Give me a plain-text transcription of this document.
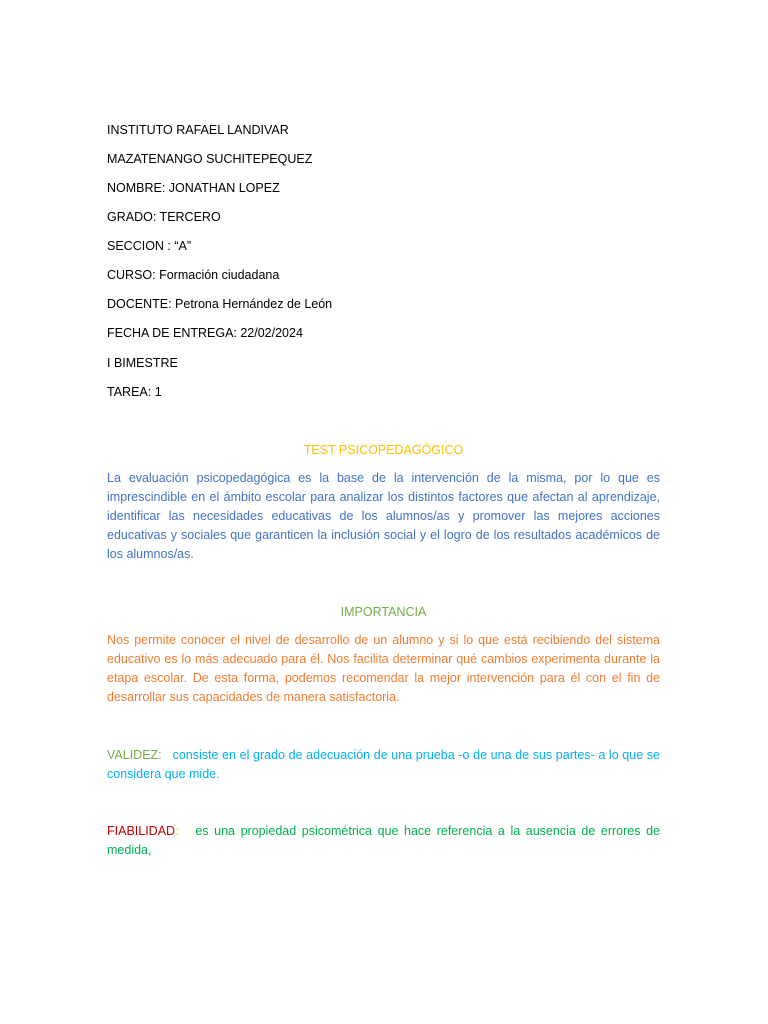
INSTITUTO RAFAEL LANDIVAR
MAZATENANGO SUCHITEPEQUEZ
NOMBRE: JONATHAN LOPEZ
GRADO: TERCERO
SECCION : “A”
CURSO: Formación ciudadana
DOCENTE: Petrona Hernández de León
FECHA DE ENTREGA: 22/02/2024
I BIMESTRE
TAREA: 1
TEST PSICOPEDAGÓGICO

La evaluación psicopedagógica es la base de la intervención de la misma, por lo que es imprescindible en el ámbito escolar para analizar los distintos factores que afectan al aprendizaje, identificar las necesidades educativas de los alumnos/as y promover las mejores acciones educativas y sociales que garanticen la inclusión social y el logro de los resultados académicos de los alumnos/as.

IMPORTANCIA

Nos permite conocer el nivel de desarrollo de un alumno y si lo que está recibiendo del sistema educativo es lo más adecuado para él. Nos facilita determinar qué cambios experimenta durante la etapa escolar. De esta forma, podemos recomendar la mejor intervención para él con el fin de desarrollar sus capacidades de manera satisfactoria.

VALIDEZ: consiste en el grado de adecuación de una prueba -o de una de sus partes- a lo que se considera que mide.

FIABILIDAD: es una propiedad psicométrica que hace referencia a la ausencia de errores de medida,
